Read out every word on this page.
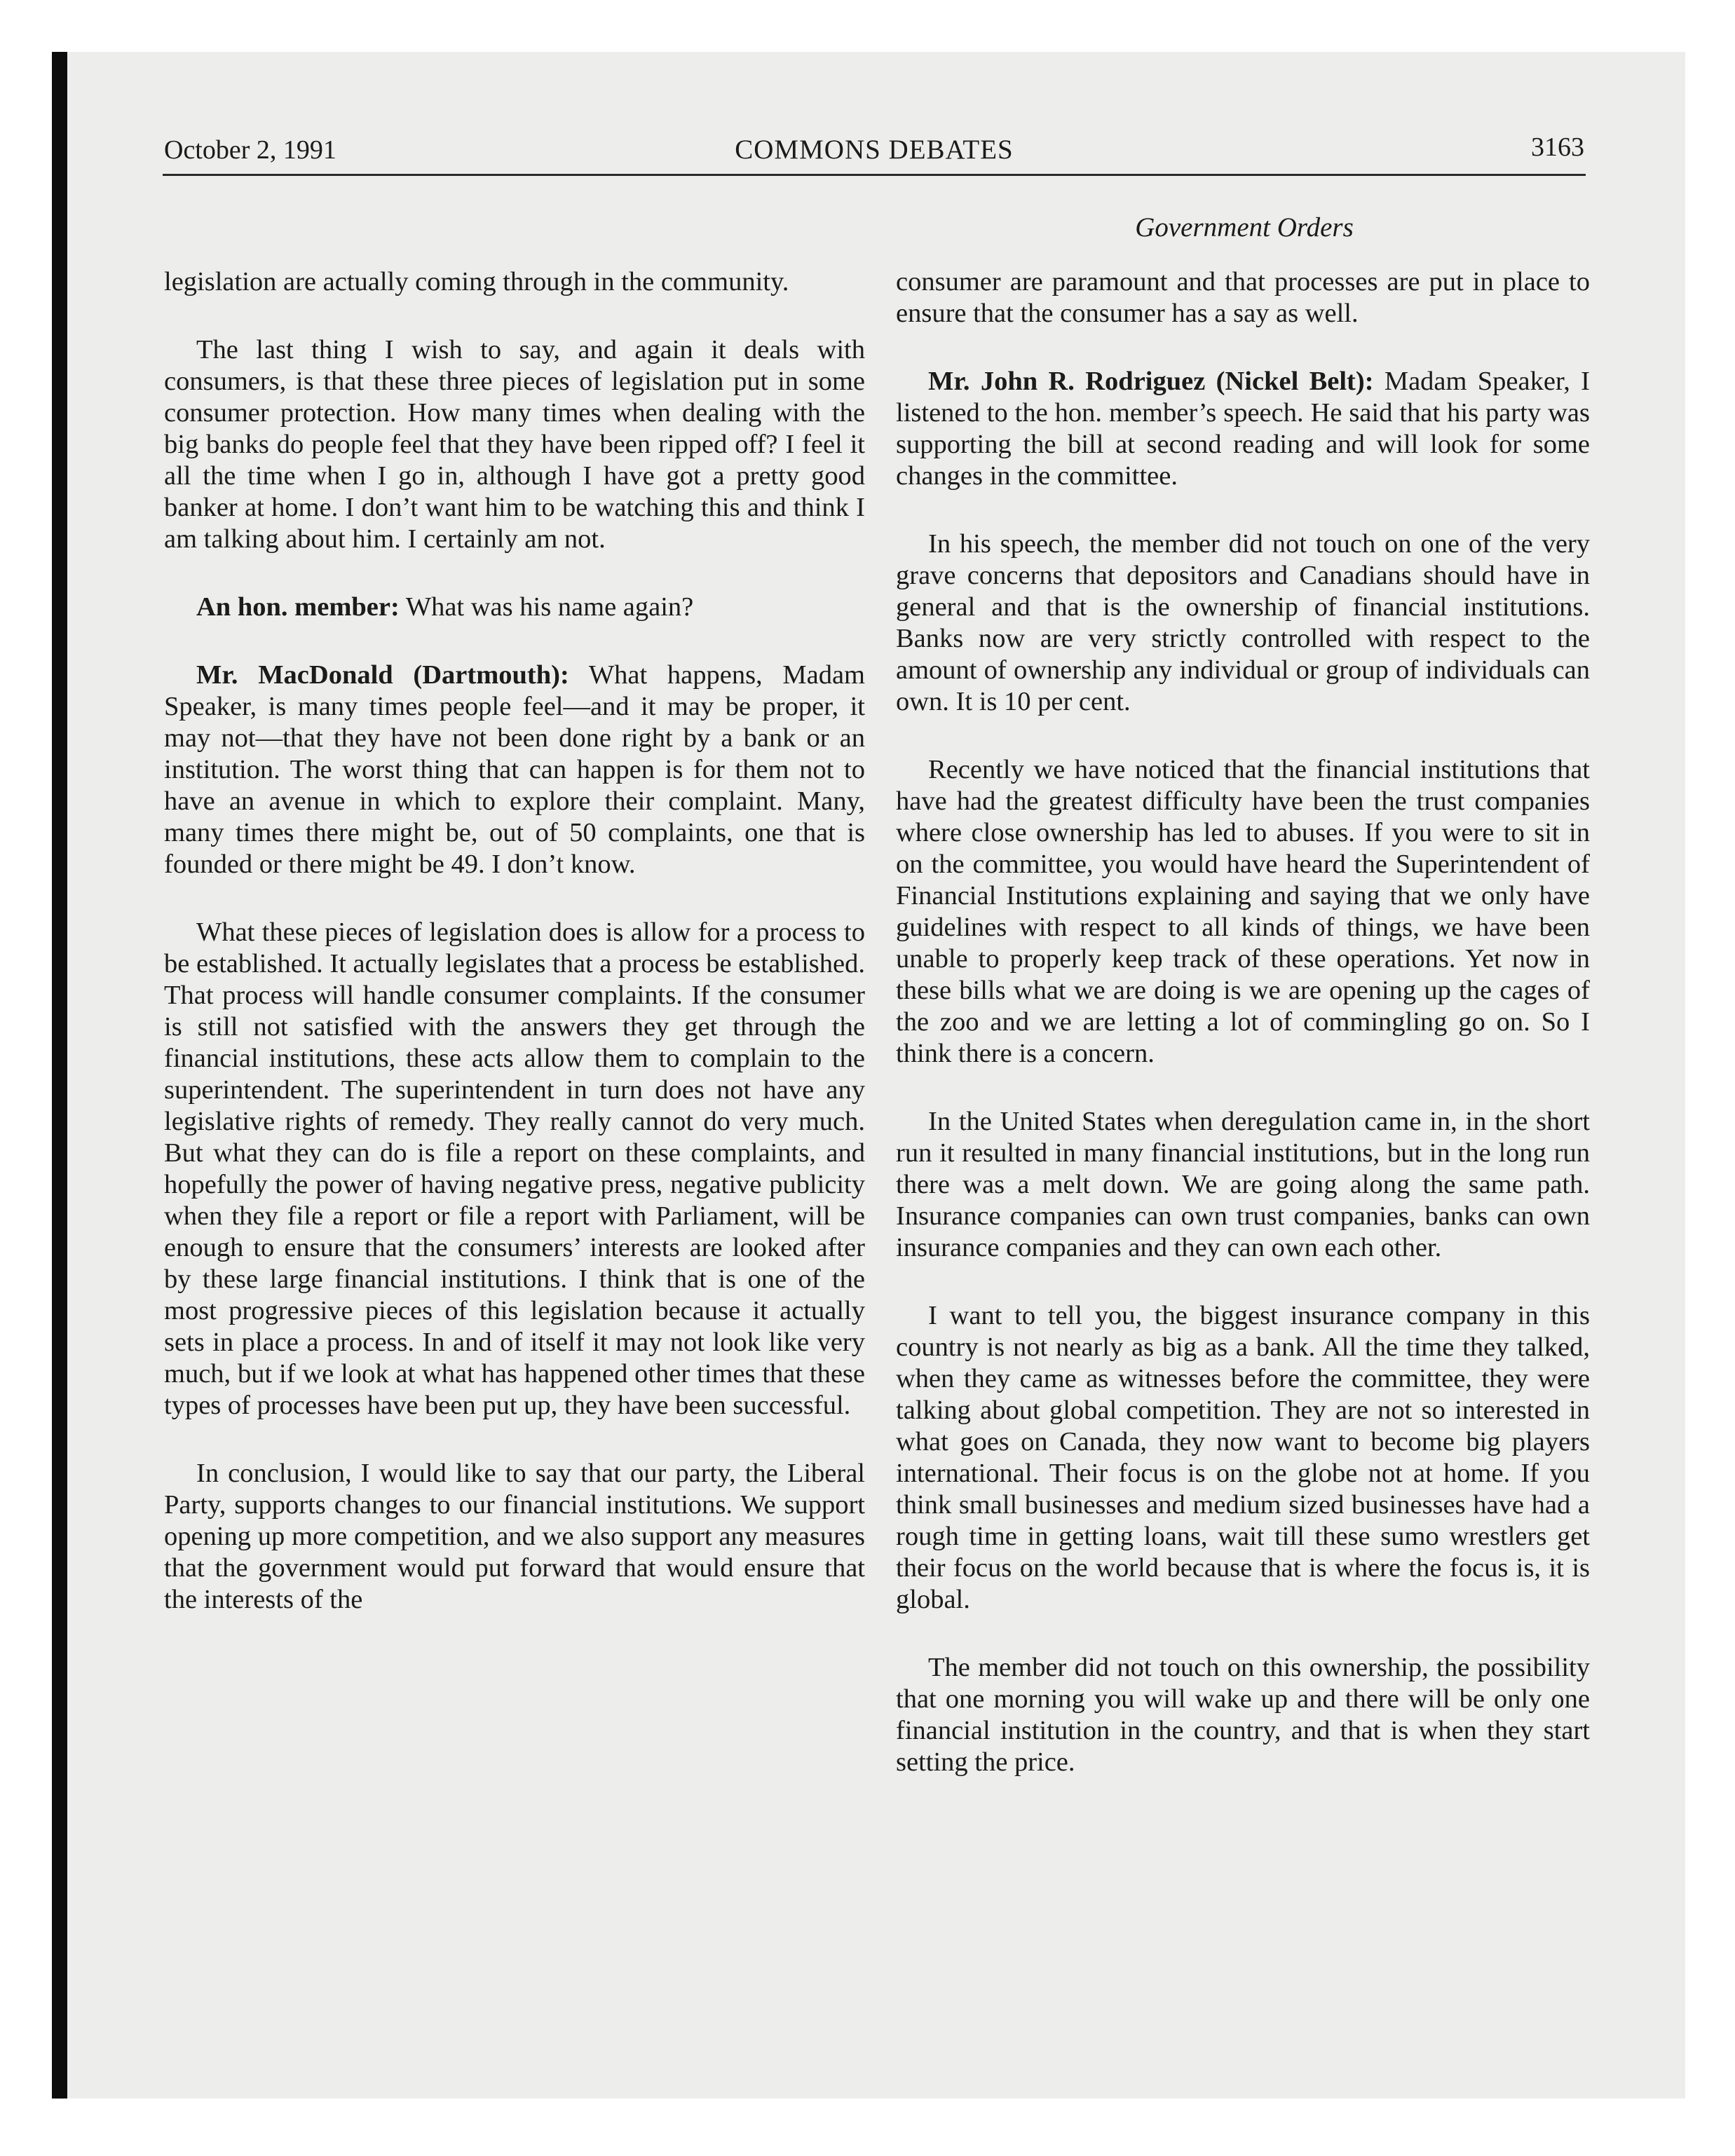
October 2, 1991	COMMONS DEBATES	3163
Government Orders

legislation are actually coming through in the community.

The last thing I wish to say, and again it deals with consumers, is that these three pieces of legislation put in some consumer protection. How many times when dealing with the big banks do people feel that they have been ripped off? I feel it all the time when I go in, although I have got a pretty good banker at home. I don’t want him to be watching this and think I am talking about him. I certainly am not.

An hon. member: What was his name again?

Mr. MacDonald (Dartmouth): What happens, Madam Speaker, is many times people feel—and it may be proper, it may not—that they have not been done right by a bank or an institution. The worst thing that can happen is for them not to have an avenue in which to explore their complaint. Many, many times there might be, out of 50 complaints, one that is founded or there might be 49. I don’t know.

What these pieces of legislation does is allow for a process to be established. It actually legislates that a process be established. That process will handle consumer complaints. If the consumer is still not satisfied with the answers they get through the financial institutions, these acts allow them to complain to the superintendent. The superintendent in turn does not have any legislative rights of remedy. They really cannot do very much. But what they can do is file a report on these complaints, and hopefully the power of having negative press, negative publicity when they file a report or file a report with Parliament, will be enough to ensure that the consumers’ interests are looked after by these large financial institutions. I think that is one of the most progressive pieces of this legislation because it actually sets in place a process. In and of itself it may not look like very much, but if we look at what has happened other times that these types of processes have been put up, they have been successful.

In conclusion, I would like to say that our party, the Liberal Party, supports changes to our financial institutions. We support opening up more competition, and we also support any measures that the government would put forward that would ensure that the interests of the

consumer are paramount and that processes are put in place to ensure that the consumer has a say as well.

Mr. John R. Rodriguez (Nickel Belt): Madam Speaker, I listened to the hon. member’s speech. He said that his party was supporting the bill at second reading and will look for some changes in the committee.

In his speech, the member did not touch on one of the very grave concerns that depositors and Canadians should have in general and that is the ownership of financial institutions. Banks now are very strictly controlled with respect to the amount of ownership any individual or group of individuals can own. It is 10 per cent.

Recently we have noticed that the financial institutions that have had the greatest difficulty have been the trust companies where close ownership has led to abuses. If you were to sit in on the committee, you would have heard the Superintendent of Financial Institutions explaining and saying that we only have guidelines with respect to all kinds of things, we have been unable to properly keep track of these operations. Yet now in these bills what we are doing is we are opening up the cages of the zoo and we are letting a lot of commingling go on. So I think there is a concern.

In the United States when deregulation came in, in the short run it resulted in many financial institutions, but in the long run there was a melt down. We are going along the same path. Insurance companies can own trust companies, banks can own insurance companies and they can own each other.

I want to tell you, the biggest insurance company in this country is not nearly as big as a bank. All the time they talked, when they came as witnesses before the committee, they were talking about global competition. They are not so interested in what goes on Canada, they now want to become big players international. Their focus is on the globe not at home. If you think small businesses and medium sized businesses have had a rough time in getting loans, wait till these sumo wrestlers get their focus on the world because that is where the focus is, it is global.

The member did not touch on this ownership, the possibility that one morning you will wake up and there will be only one financial institution in the country, and that is when they start setting the price.
